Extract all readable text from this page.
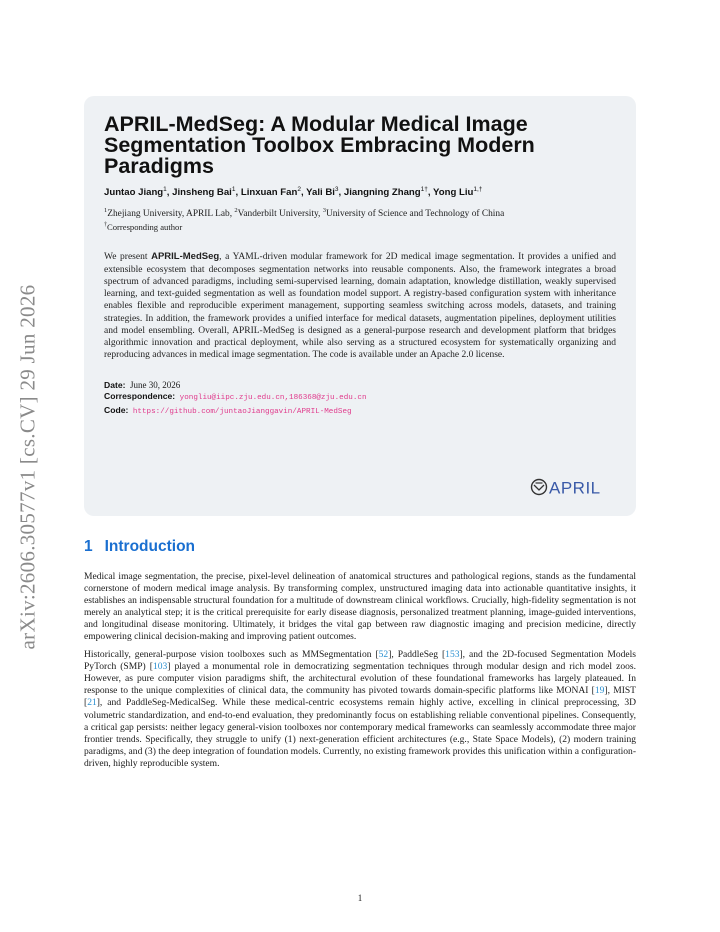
arXiv:2606.30577v1 [cs.CV] 29 Jun 2026
APRIL-MedSeg: A Modular Medical Image Segmentation Toolbox Embracing Modern Paradigms
Juntao Jiang$^1$, Jinsheng Bai$^1$, Linxuan Fan$^2$, Yali Bi$^3$, Jiangning Zhang$^{1\dagger}$, Yong Liu$^{1,\dagger}$
$^1$Zhejiang University, APRIL Lab, $^2$Vanderbilt University, $^3$University of Science and Technology of China
†Corresponding author
We present APRIL-MedSeg, a YAML-driven modular framework for 2D medical image segmentation. It provides a unified and extensible ecosystem that decomposes segmentation networks into reusable components. Also, the framework integrates a broad spectrum of advanced paradigms, including semi-supervised learning, domain adaptation, knowledge distillation, weakly supervised learning, and text-guided segmentation as well as foundation model support. A registry-based configuration system with inheritance enables flexible and reproducible experiment management, supporting seamless switching across models, datasets, and training strategies. In addition, the framework provides a unified interface for medical datasets, augmentation pipelines, deployment utilities and model ensembling. Overall, APRIL-MedSeg is designed as a general-purpose research and development platform that bridges algorithmic innovation and practical deployment, while also serving as a structured ecosystem for systematically organizing and reproducing advances in medical image segmentation. The code is available under an Apache 2.0 license.
Date: June 30, 2026
Correspondence: yongliu@iipc.zju.edu.cn,186368@zju.edu.cn
Code: https://github.com/juntaoJianggavin/APRIL-MedSeg
APRIL
1 Introduction

Medical image segmentation, the precise, pixel-level delineation of anatomical structures and pathological regions, stands as the fundamental cornerstone of modern medical image analysis. By transforming complex, unstructured imaging data into actionable quantitative insights, it establishes an indispensable structural foundation for a multitude of downstream clinical workflows. Crucially, high-fidelity segmentation is not merely an analytical step; it is the critical prerequisite for early disease diagnosis, personalized treatment planning, image-guided interventions, and longitudinal disease monitoring. Ultimately, it bridges the vital gap between raw diagnostic imaging and precision medicine, directly empowering clinical decision-making and improving patient outcomes.

Historically, general-purpose vision toolboxes such as MMSegmentation [52], PaddleSeg [153], and the 2D-focused Segmentation Models PyTorch (SMP) [103] played a monumental role in democratizing segmentation techniques through modular design and rich model zoos. However, as pure computer vision paradigms shift, the architectural evolution of these foundational frameworks has largely plateaued. In response to the unique complexities of clinical data, the community has pivoted towards domain-specific platforms like MONAI [19], MIST [21], and PaddleSeg-MedicalSeg. While these medical-centric ecosystems remain highly active, excelling in clinical preprocessing, 3D volumetric standardization, and end-to-end evaluation, they predominantly focus on establishing reliable conventional pipelines. Consequently, a critical gap persists: neither legacy general-vision toolboxes nor contemporary medical frameworks can seamlessly accommodate three major frontier trends. Specifically, they struggle to unify (1) next-generation efficient architectures (e.g., State Space Models), (2) modern training paradigms, and (3) the deep integration of foundation models. Currently, no existing framework provides this unification within a configuration-driven, highly reproducible system.

1
